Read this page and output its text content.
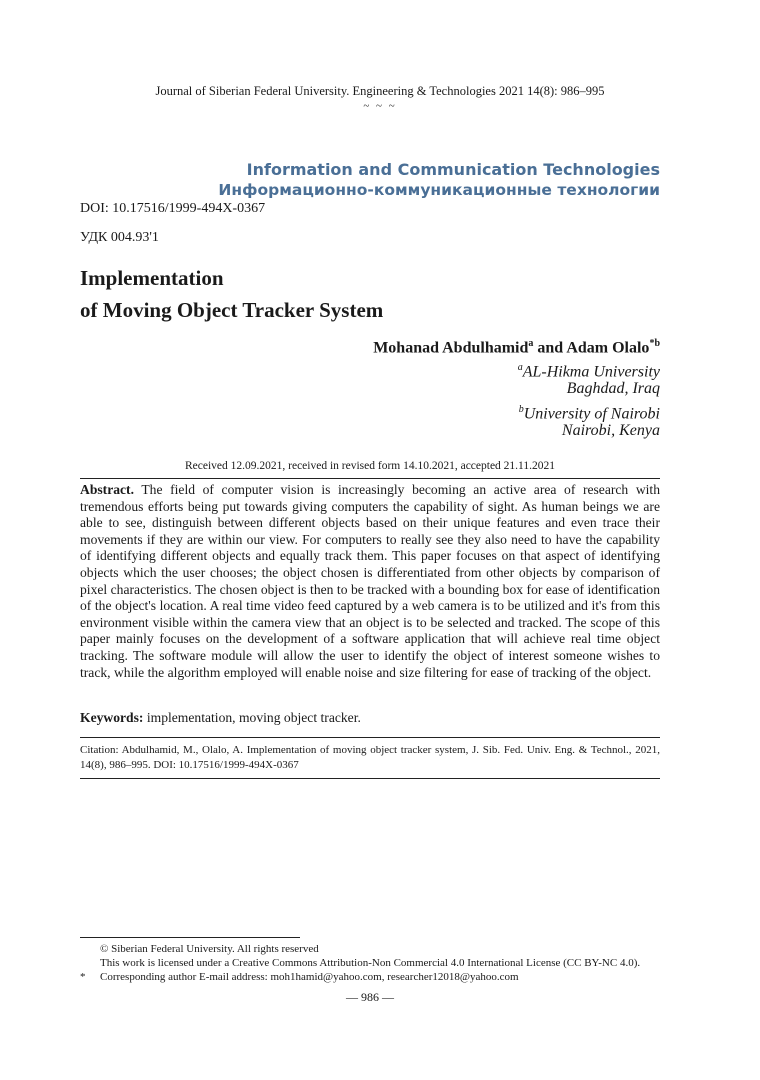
Journal of Siberian Federal University. Engineering & Technologies 2021 14(8): 986–995
~ ~ ~
Information and Communication Technologies
Информационно-коммуникационные технологии
DOI: 10.17516/1999-494X-0367
УДК 004.93'1
Implementation
of Moving Object Tracker System
Mohanad Abdulhamid$^a$ and Adam Olalo$^{*b}$
$^a$AL-Hikma University
Baghdad, Iraq
$^b$University of Nairobi
Nairobi, Kenya
Received 12.09.2021, received in revised form 14.10.2021, accepted 21.11.2021
Abstract. The field of computer vision is increasingly becoming an active area of research with tremendous efforts being put towards giving computers the capability of sight. As human beings we are able to see, distinguish between different objects based on their unique features and even trace their movements if they are within our view. For computers to really see they also need to have the capability of identifying different objects and equally track them. This paper focuses on that aspect of identifying objects which the user chooses; the object chosen is differentiated from other objects by comparison of pixel characteristics. The chosen object is then to be tracked with a bounding box for ease of identification of the object's location. A real time video feed captured by a web camera is to be utilized and it's from this environment visible within the camera view that an object is to be selected and tracked. The scope of this paper mainly focuses on the development of a software application that will achieve real time object tracking. The software module will allow the user to identify the object of interest someone wishes to track, while the algorithm employed will enable noise and size filtering for ease of tracking of the object.
Keywords: implementation, moving object tracker.
Citation: Abdulhamid, M., Olalo, A. Implementation of moving object tracker system, J. Sib. Fed. Univ. Eng. & Technol., 2021, 14(8), 986–995. DOI: 10.17516/1999-494X-0367
© Siberian Federal University. All rights reserved
This work is licensed under a Creative Commons Attribution-Non Commercial 4.0 International License (CC BY-NC 4.0).
* Corresponding author E-mail address: moh1hamid@yahoo.com, researcher12018@yahoo.com
— 986 —
